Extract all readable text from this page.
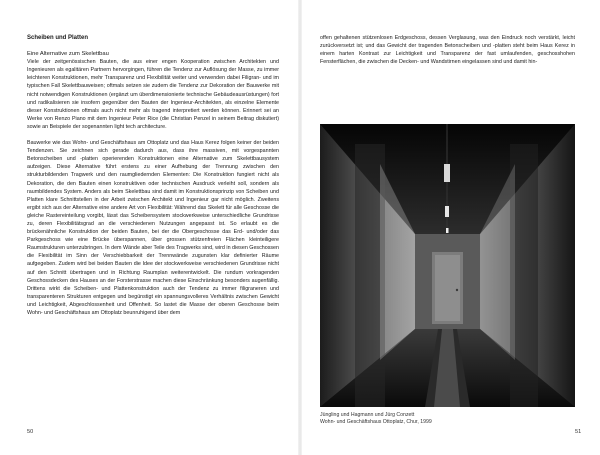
Scheiben und Platten

Eine Alternative zum Skelettbau

Viele der zeitgenössischen Bauten, die aus einer engen Kooperation zwischen Architekten und Ingenieuren als egalitären Partnern hervorgingen, führen die Tendenz zur Auflösung der Masse, zu immer leichteren Konstruktionen, mehr Transparenz und Flexibilität weiter und verwenden dabei Filigran- und im typischen Fall Skelettbauweisen; oftmals setzen sie zudem die Tendenz zur Dekoration der Bauwerke mit nicht notwendigen Konstruktionen (ergänzt um überdimensionierte technische Gebäudeausrüstungen) fort und radikalisieren sie insofern gegenüber den Bauten der Ingenieur-Architekten, als einzelne Elemente dieser Konstruktionen oftmals auch nicht mehr als tragend interpretiert werden können. Erinnert sei an Werke von Renzo Piano mit dem Ingenieur Peter Rice (die Christian Penzel in seinem Beitrag diskutiert) sowie an Beispiele der sogenannten light tech architecture.

Bauwerke wie das Wohn- und Geschäftshaus am Ottoplatz und das Haus Kerez folgen keiner der beiden Tendenzen. Sie zeichnen sich gerade dadurch aus, dass ihre massiven, mit vorgespannten Betonscheiben und -platten operierenden Konstruktionen eine Alternative zum Skelettbausystem aufzeigen. Diese Alternative führt erstens zu einer Aufhebung der Trennung zwischen den strukturbildenden Tragwerk und den raumgliedernden Elementen: Die Konstruktion fungiert nicht als Dekoration, die den Bauten einen konstruktiven oder technischen Ausdruck verleiht soll, sondern als raumbildendes System. Anders als beim Skelettbau sind damit im Konstruktionsprinzip von Scheiben und Platten klare Schnittstellen in der Arbeit zwischen Architekt und Ingenieur gar nicht möglich. Zweitens ergibt sich aus der Alternative eine andere Art von Flexibilität: Während das Skelett für alle Geschosse die gleiche Rastereinteilung vorgibt, lässt das Scheibensystem stockwerkweise unterschiedliche Grundrisse zu, deren Flexibilitätsgrad an die verschiedenen Nutzungen angepasst ist. So erlaubt es die brückenähnliche Konstruktion der beiden Bauten, bei der die Obergeschosse das Erd- und/oder das Parkgeschoss wie eine Brücke überspannen, über grossen stützenfreien Flächen kleinteiligere Raumstrukturen unterzubringen. In dem Wände aber Teile des Tragwerks sind, wird in diesen Geschossen die Flexibilität im Sinn der Verschiebbarkeit der Trennwände zugunsten klar definierter Räume aufgegeben. Zudem wird bei beiden Bauten die Idee der stockwerkweise verschiedenen Grundrisse nicht auf den Schnitt übertragen und in Richtung Raumplan weiterentwickelt. Die rundum vorkragenden Geschossdecken des Hauses an der Forsterstrasse machen diese Einschränkung besonders augenfällig. Drittens wirkt die Scheiben- und Plattenkonstruktion auch der Tendenz zu immer filigraneren und transparenteren Strukturen entgegen und begünstigt ein spannungsvolleres Verhältnis zwischen Gewicht und Leichtigkeit, Abgeschlossenheit und Offenheit. So lastet die Masse der oberen Geschosse beim Wohn- und Geschäftshaus am Ottoplatz beunruhigend über dem

50

offen gehaltenen stützenlosen Erdgeschoss, dessen Verglasung, was den Eindruck noch verstärkt, leicht zurückversetzt ist; und das Gewicht der tragenden Betonscheiben und -platten steht beim Haus Kerez in einem harten Kontrast zur Leichtigkeit und Transparenz der fast umlaufenden, geschosshohen Fensterflächen, die zwischen die Decken- und Wandstirnen eingelassen sind und damit hin-

Jüngling und Hagmann und Jürg Conzett
Wohn- und Geschäftshaus Ottoplatz, Chur, 1999
51
